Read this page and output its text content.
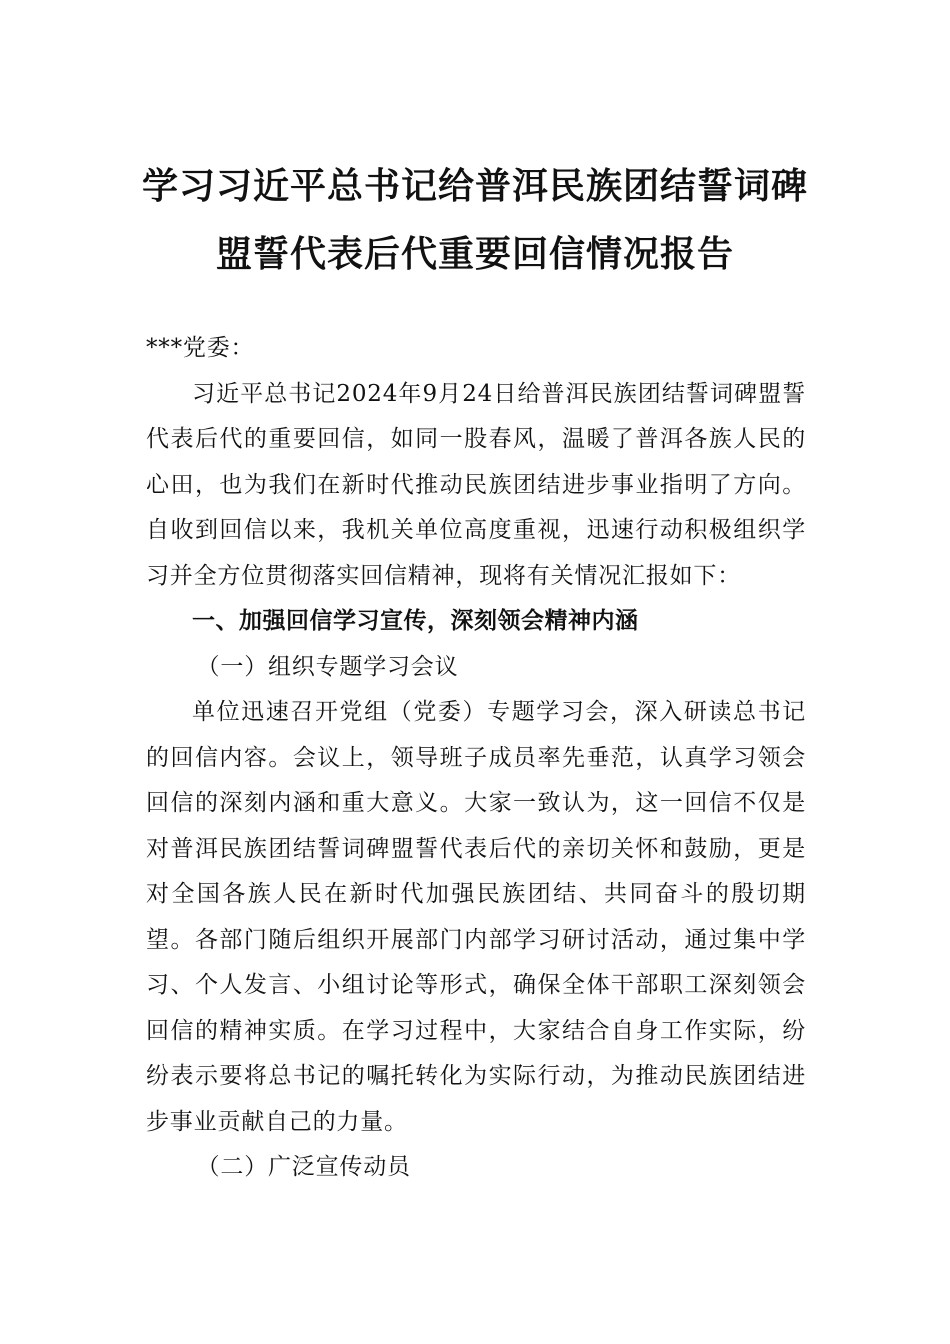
学习习近平总书记给普洱民族团结誓词碑
盟誓代表后代重要回信情况报告

***党委：

习近平总书记2024年9月24日给普洱民族团结誓词碑盟誓代表后代的重要回信，如同一股春风，温暖了普洱各族人民的心田，也为我们在新时代推动民族团结进步事业指明了方向。自收到回信以来，我机关单位高度重视，迅速行动积极组织学习并全方位贯彻落实回信精神，现将有关情况汇报如下：

一、加强回信学习宣传，深刻领会精神内涵

（一）组织专题学习会议

单位迅速召开党组（党委）专题学习会，深入研读总书记的回信内容。会议上，领导班子成员率先垂范，认真学习领会回信的深刻内涵和重大意义。大家一致认为，这一回信不仅是对普洱民族团结誓词碑盟誓代表后代的亲切关怀和鼓励，更是对全国各族人民在新时代加强民族团结、共同奋斗的殷切期望。各部门随后组织开展部门内部学习研讨活动，通过集中学习、个人发言、小组讨论等形式，确保全体干部职工深刻领会回信的精神实质。在学习过程中，大家结合自身工作实际，纷纷表示要将总书记的嘱托转化为实际行动，为推动民族团结进步事业贡献自己的力量。

（二）广泛宣传动员
